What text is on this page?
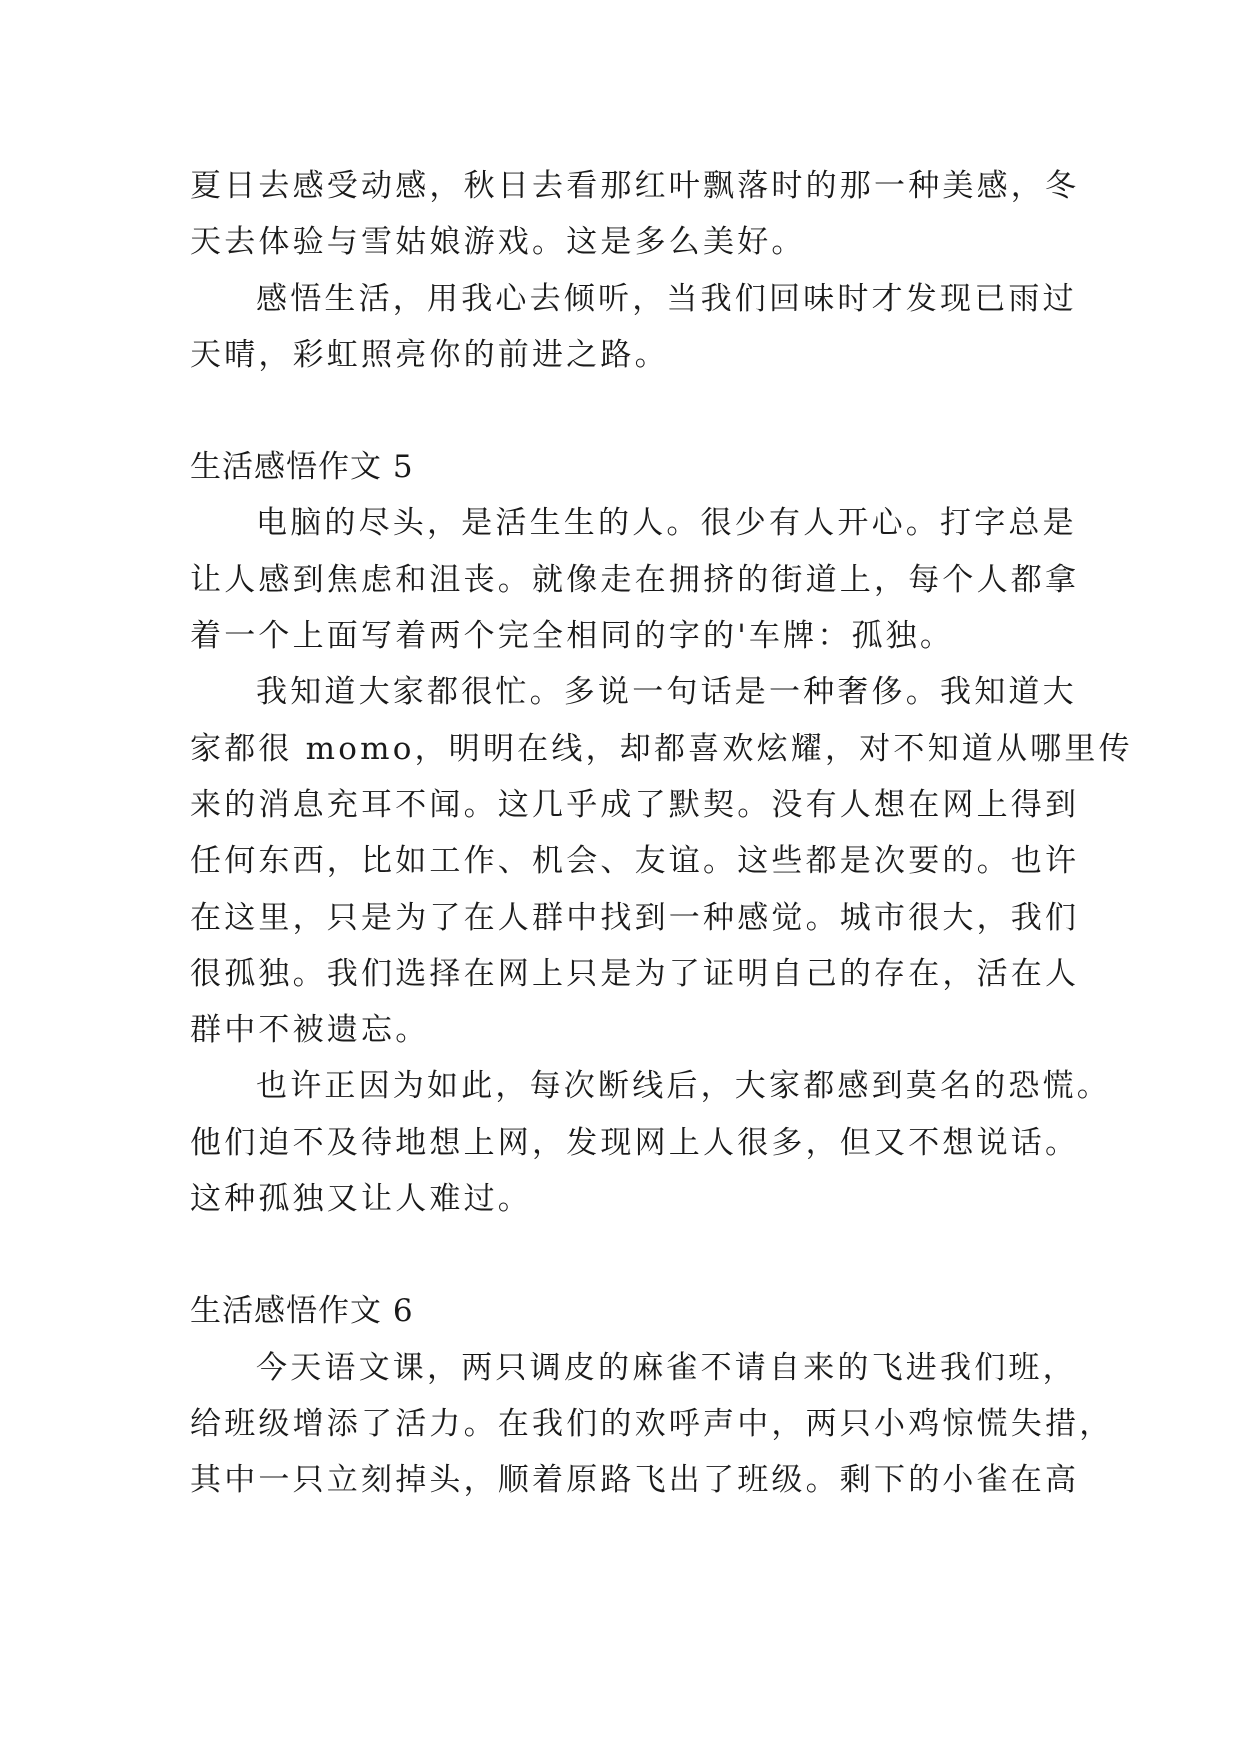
夏日去感受动感，秋日去看那红叶飘落时的那一种美感，冬
天去体验与雪姑娘游戏。这是多么美好。
感悟生活，用我心去倾听，当我们回味时才发现已雨过
天晴，彩虹照亮你的前进之路。
生活感悟作文 5
电脑的尽头，是活生生的人。很少有人开心。打字总是
让人感到焦虑和沮丧。就像走在拥挤的街道上，每个人都拿
着一个上面写着两个完全相同的字的'车牌：孤独。
我知道大家都很忙。多说一句话是一种奢侈。我知道大
家都很 momo，明明在线，却都喜欢炫耀，对不知道从哪里传
来的消息充耳不闻。这几乎成了默契。没有人想在网上得到
任何东西，比如工作、机会、友谊。这些都是次要的。也许
在这里，只是为了在人群中找到一种感觉。城市很大，我们
很孤独。我们选择在网上只是为了证明自己的存在，活在人
群中不被遗忘。
也许正因为如此，每次断线后，大家都感到莫名的恐慌。
他们迫不及待地想上网，发现网上人很多，但又不想说话。
这种孤独又让人难过。
生活感悟作文 6
今天语文课，两只调皮的麻雀不请自来的飞进我们班，
给班级增添了活力。在我们的欢呼声中，两只小鸡惊慌失措，
其中一只立刻掉头，顺着原路飞出了班级。剩下的小雀在高
